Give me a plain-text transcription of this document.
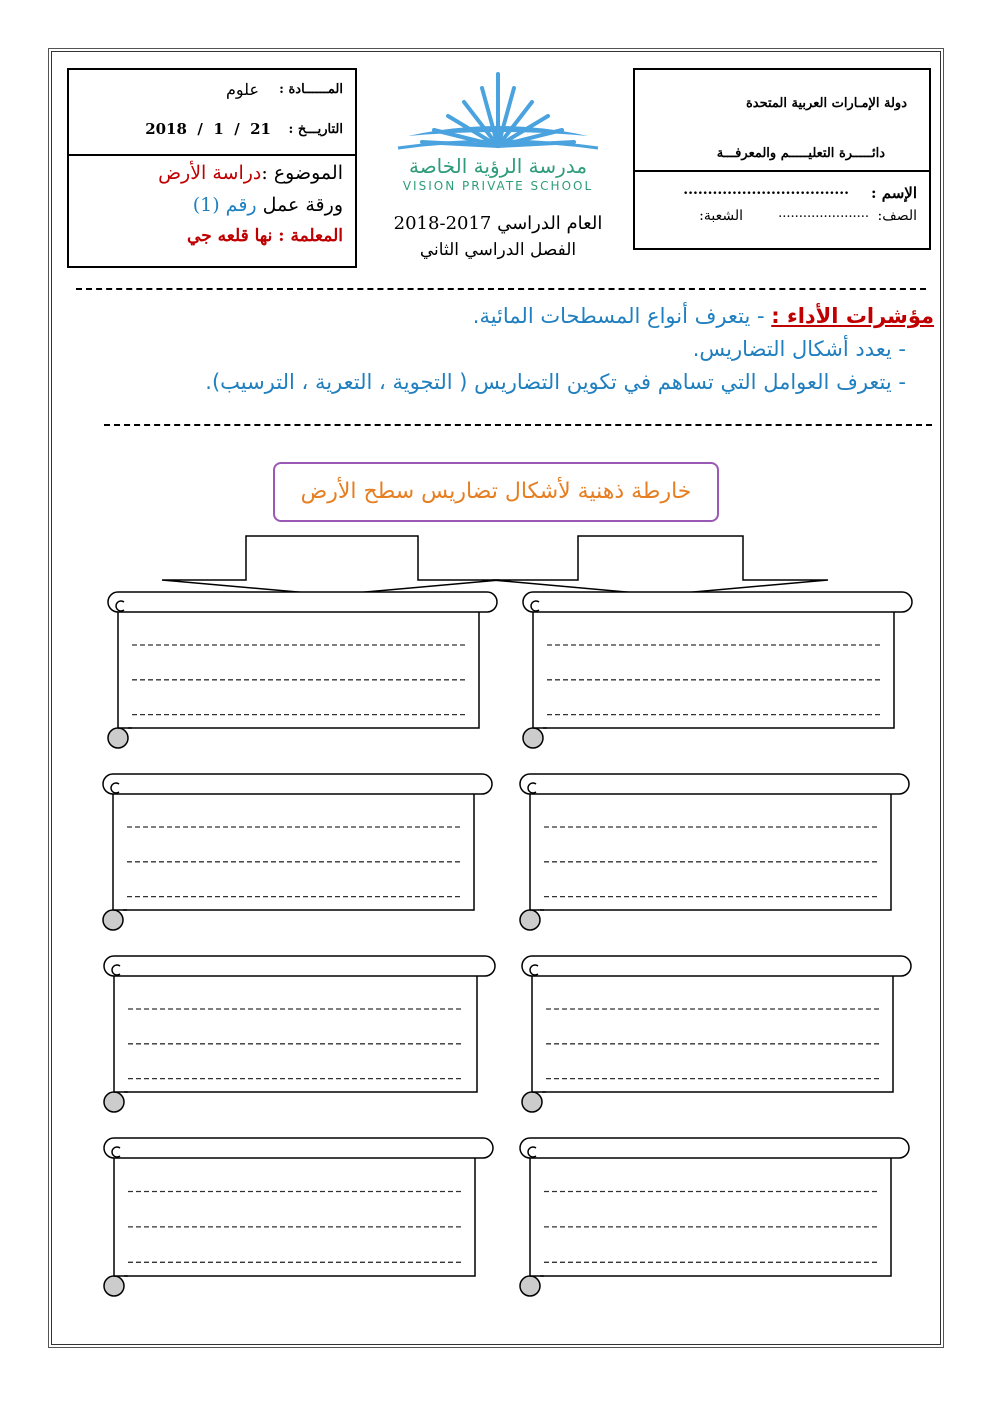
دولة الإمـارات العربية المتحدة
دائـــــرة التعليـــــم والمعرفـــة
الإسم :
..................................
الصف:
......................
الشعبة:
المــــــادة :
علوم
التاريـــخ :
2018  /  1  /  21
الموضوع :دراسة الأرض
ورقة عمل رقم (1)
المعلمة : نها قلعه جي
مدرسة الرؤية الخاصة
VISION PRIVATE SCHOOL
العام الدراسي 2017-2018
الفصل الدراسي الثاني
مؤشرات الأداء : - يتعرف أنواع المسطحات المائية.
- يعدد أشكال التضاريس.
- يتعرف العوامل التي تساهم في تكوين التضاريس ( التجوية ، التعرية ، الترسيب).
خارطة ذهنية لأشكال تضاريس سطح الأرض
